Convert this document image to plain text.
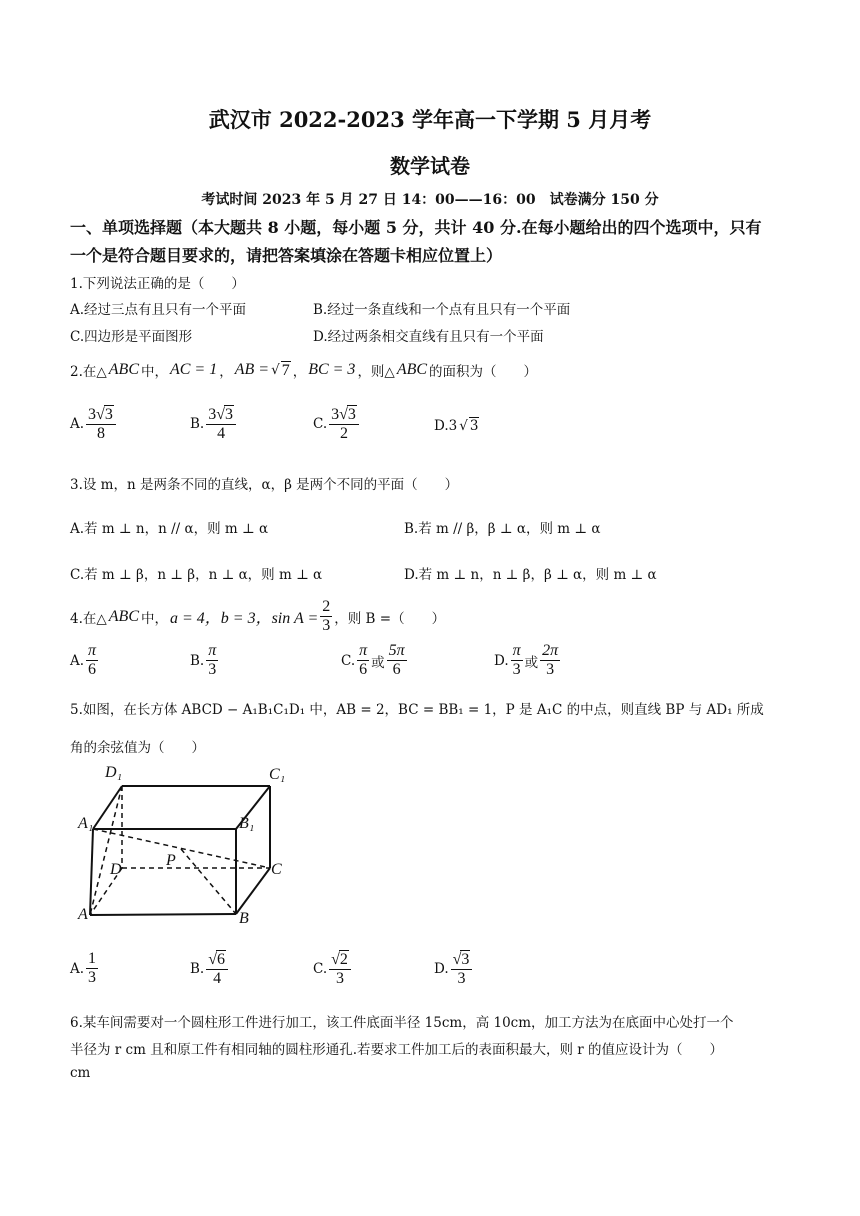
武汉市 2022-2023 学年高一下学期 5 月月考
数学试卷
考试时间 2023 年 5 月 27 日 14：00——16：00　试卷满分 150 分
一、单项选择题（本大题共 8 小题，每小题 5 分，共计 40 分.在每小题给出的四个选项中，只有
一个是符合题目要求的，请把答案填涂在答题卡相应位置上）
1.下列说法正确的是（　　）
A.经过三点有且只有一个平面	B.经过一条直线和一个点有且只有一个平面
C.四边形是平面图形	D.经过两条相交直线有且只有一个平面
2.在△ ABC 中， AC = 1 ， AB = √ 7 ， BC = 3 ，则△ ABC 的面积为（　　）
A. $\frac{3√3}{8}$	B. $\frac{3√3}{4}$	C. $\frac{3√3}{2}$	D.3 √ 3
3.设 m，n 是两条不同的直线，α，β 是两个不同的平面（　　）
A.若 m ⊥ n，n // α，则 m ⊥ α	B.若 m // β，β ⊥ α，则 m ⊥ α
C.若 m ⊥ β，n ⊥ β，n ⊥ α，则 m ⊥ α	D.若 m ⊥ n，n ⊥ β，β ⊥ α，则 m ⊥ α
4.在△ ABC 中， a = 4，b = 3，$\sin A = \frac{2}{3}$ ，则 B =（　　）
A. $\frac{\pi}{6}$	B. $\frac{\pi}{3}$	C. $\frac{\pi}{6}$ 或 $\frac{5\pi}{6}$	D. $\frac{\pi}{3}$ 或 $\frac{2\pi}{3}$
5.如图，在长方体 ABCD − A₁B₁C₁D₁ 中，AB = 2，BC = BB₁ = 1，P 是 A₁C 的中点，则直线 BP 与 AD₁ 所成
角的余弦值为（　　）
D₁	C₁
A₁	B₁
D
P
C
A	B
A. $\frac{1}{3}$	B. $\frac{√6}{4}$	C. $\frac{√2}{3}$	D. $\frac{√3}{3}$
6.某车间需要对一个圆柱形工件进行加工，该工件底面半径 15cm，高 10cm，加工方法为在底面中心处打一个
半径为 r cm 且和原工件有相同轴的圆柱形通孔.若要求工件加工后的表面积最大，则 r 的值应设计为（　　）
cm
